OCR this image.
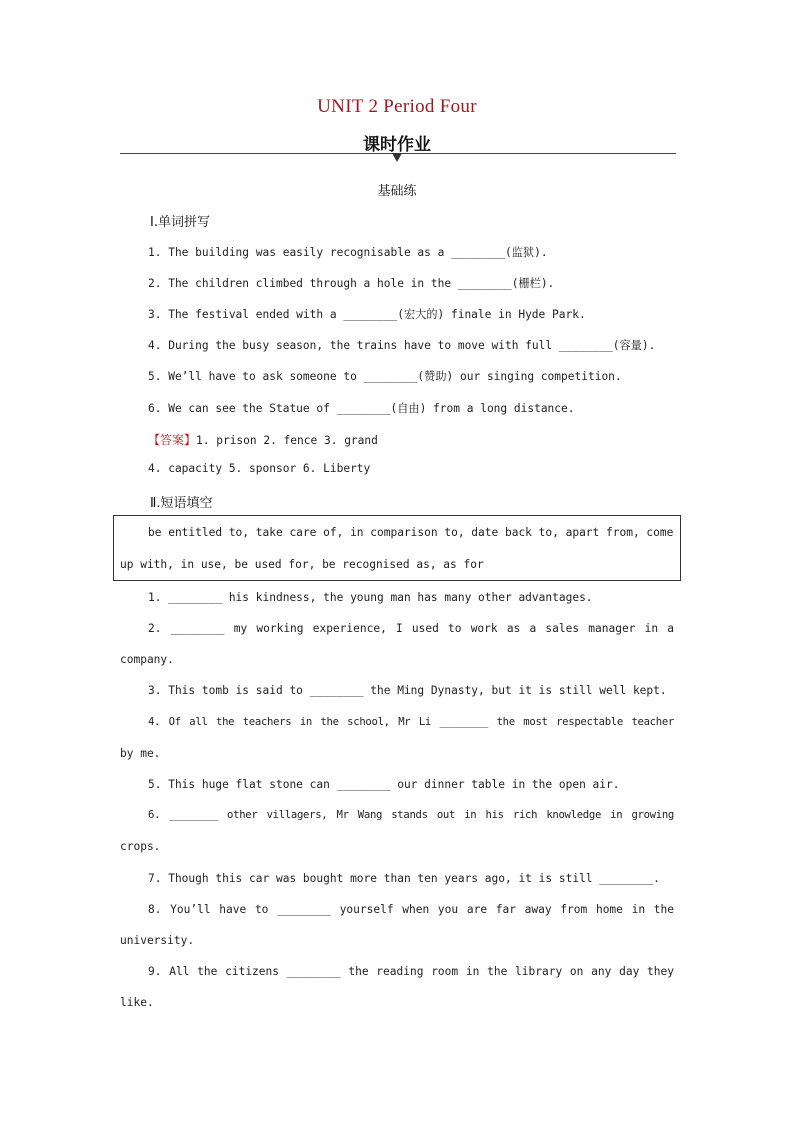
UNIT 2 Period Four
课时作业
基础练
Ⅰ.单词拼写
1. The building was easily recognisable as a ________(监狱).
2. The children climbed through a hole in the ________(栅栏).
3. The festival ended with a ________(宏大的) finale in Hyde Park.
4. During the busy season, the trains have to move with full ________(容量).
5. We’ll have to ask someone to ________(赞助) our singing competition.
6. We can see the Statue of ________(自由) from a long distance.
【答案】1. prison 2. fence 3. grand
4. capacity 5. sponsor 6. Liberty
Ⅱ.短语填空
be entitled to, take care of, in comparison to, date back to, apart from, come
up with, in use, be used for, be recognised as, as for
1. ________ his kindness, the young man has many other advantages.
2. ________ my working experience, I used to work as a sales manager in a
company.
3. This tomb is said to ________ the Ming Dynasty, but it is still well kept.
4. Of all the teachers in the school, Mr Li ________ the most respectable teacher
by me.
5. This huge flat stone can ________ our dinner table in the open air.
6. ________ other villagers, Mr Wang stands out in his rich knowledge in growing
crops.
7. Though this car was bought more than ten years ago, it is still ________.
8. You’ll have to ________ yourself when you are far away from home in the
university.
9. All the citizens ________ the reading room in the library on any day they
like.
